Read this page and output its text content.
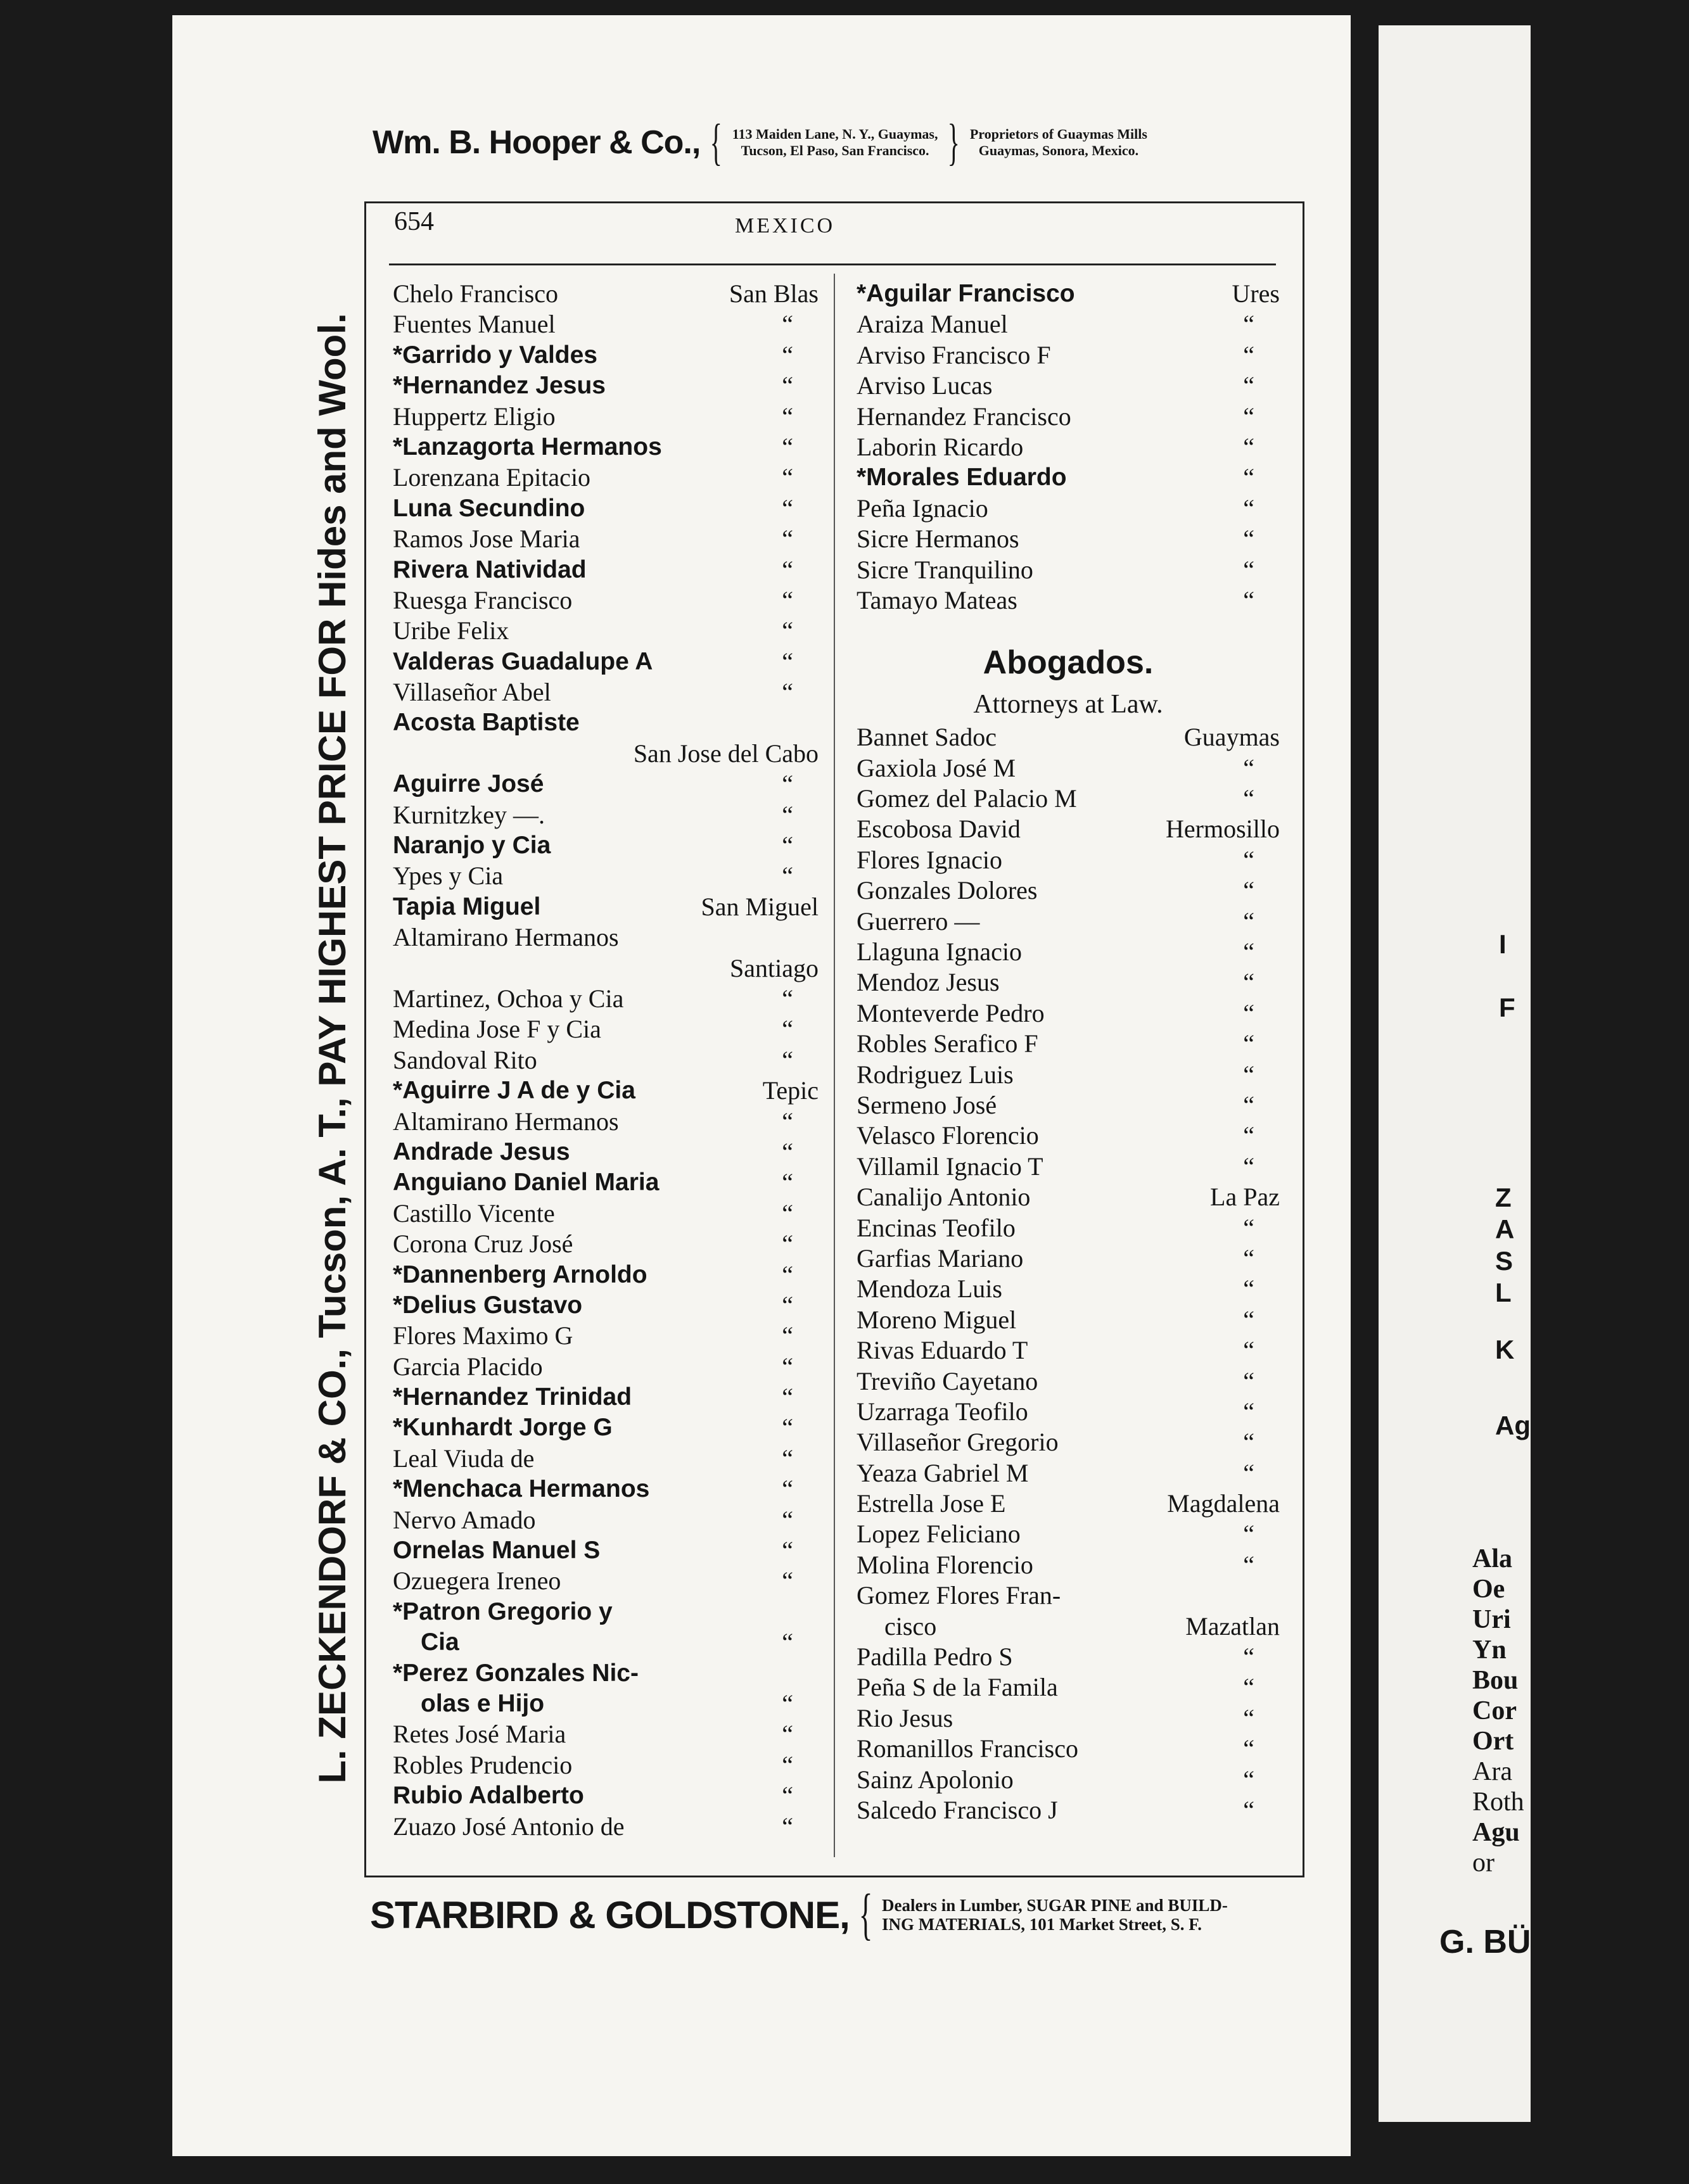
I
F
Z
A
S
L
K
Ag
Ala
Oe
Uri
Yn
Bou
Cor
Ort
Ara
Roth
Agu
or
G. BÜ
L. ZECKENDORF & CO., Tucson, A. T., PAY HIGHEST PRICE FOR Hides and Wool.
Wm. B. Hooper & Co., { 113 Maiden Lane, N. Y., Guaymas,
Tucson, El Paso, San Francisco. } Proprietors of Guaymas Mills
Guaymas, Sonora, Mexico.
654	MEXICO
Chelo Francisco	San Blas
Fuentes Manuel	“
*Garrido y Valdes	“
*Hernandez Jesus	“
Huppertz Eligio	“
*Lanzagorta Hermanos	“
Lorenzana Epitacio	“
Luna Secundino	“
Ramos Jose Maria	“
Rivera Natividad	“
Ruesga Francisco	“
Uribe Felix	“
Valderas Guadalupe A	“
Villaseñor Abel	“
Acosta Baptiste
San Jose del Cabo
Aguirre José	“
Kurnitzkey —.	“
Naranjo y Cia	“
Ypes y Cia	“
Tapia Miguel	San Miguel
Altamirano Hermanos
Santiago
Martinez, Ochoa y Cia	“
Medina Jose F y Cia	“
Sandoval Rito	“
*Aguirre J A de y Cia	Tepic
Altamirano Hermanos	“
Andrade Jesus	“
Anguiano Daniel Maria	“
Castillo Vicente	“
Corona Cruz José	“
*Dannenberg Arnoldo	“
*Delius Gustavo	“
Flores Maximo G	“
Garcia Placido	“
*Hernandez Trinidad	“
*Kunhardt Jorge G	“
Leal Viuda de	“
*Menchaca Hermanos	“
Nervo Amado	“
Ornelas Manuel S	“
Ozuegera Ireneo	“
*Patron Gregorio y
Cia	“
*Perez Gonzales Nic-
olas e Hijo	“
Retes José Maria	“
Robles Prudencio	“
Rubio Adalberto	“
Zuazo José Antonio de	“
*Aguilar Francisco	Ures
Araiza Manuel	“
Arviso Francisco F	“
Arviso Lucas	“
Hernandez Francisco	“
Laborin Ricardo	“
*Morales Eduardo	“
Peña Ignacio	“
Sicre Hermanos	“
Sicre Tranquilino	“
Tamayo Mateas	“
Abogados.
Attorneys at Law.
Bannet Sadoc	Guaymas
Gaxiola José M	“
Gomez del Palacio M	“
Escobosa David	Hermosillo
Flores Ignacio	“
Gonzales Dolores	“
Guerrero —	“
Llaguna Ignacio	“
Mendoz Jesus	“
Monteverde Pedro	“
Robles Serafico F	“
Rodriguez Luis	“
Sermeno José	“
Velasco Florencio	“
Villamil Ignacio T	“
Canalijo Antonio	La Paz
Encinas Teofilo	“
Garfias Mariano	“
Mendoza Luis	“
Moreno Miguel	“
Rivas Eduardo T	“
Treviño Cayetano	“
Uzarraga Teofilo	“
Villaseñor Gregorio	“
Yeaza Gabriel M	“
Estrella Jose E	Magdalena
Lopez Feliciano	“
Molina Florencio	“
Gomez Flores Fran-
cisco	Mazatlan
Padilla Pedro S	“
Peña S de la Famila	“
Rio Jesus	“
Romanillos Francisco	“
Sainz Apolonio	“
Salcedo Francisco J	“
STARBIRD & GOLDSTONE, { Dealers in Lumber, SUGAR PINE and BUILD-
ING MATERIALS, 101 Market Street, S. F.
